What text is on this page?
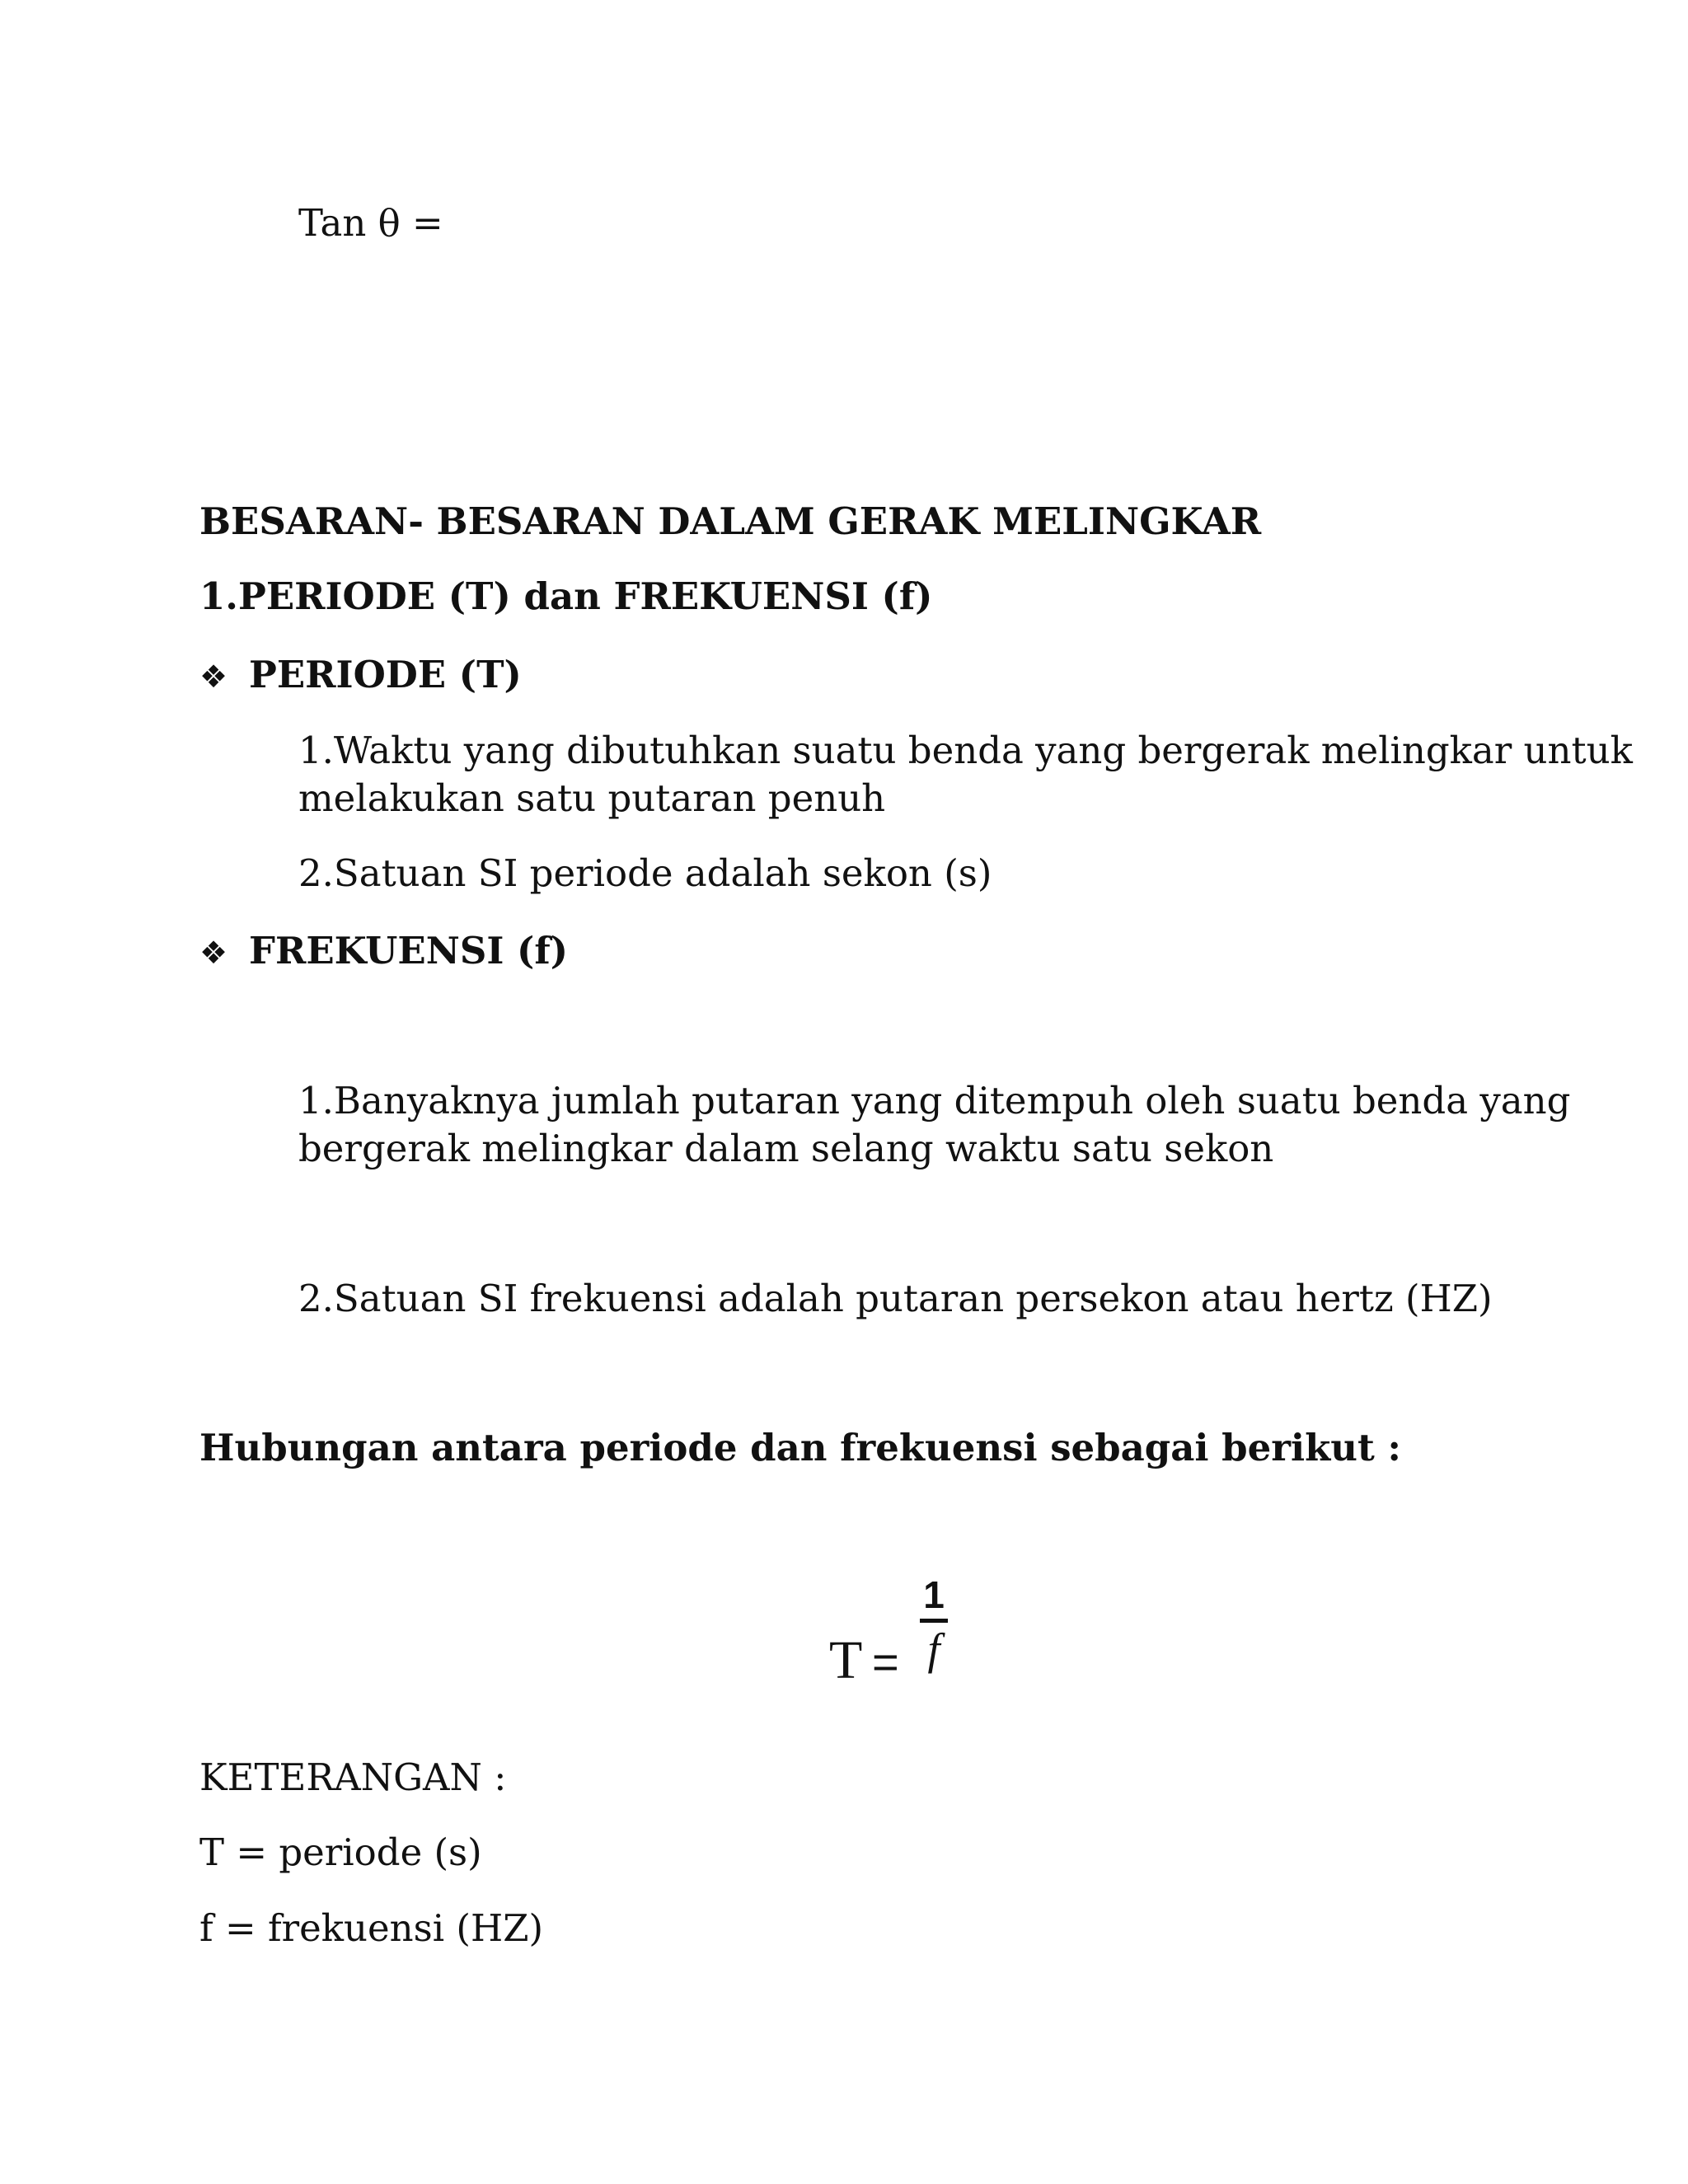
Tan θ =
BESARAN- BESARAN DALAM GERAK MELINGKAR
1.PERIODE (T) dan FREKUENSI (f)
❖ PERIODE (T)
1.Waktu yang dibutuhkan suatu benda yang bergerak melingkar untuk
melakukan satu putaran penuh
2.Satuan SI periode adalah sekon (s)
❖ FREKUENSI (f)
1.Banyaknya jumlah putaran yang ditempuh oleh suatu benda yang
bergerak melingkar dalam selang waktu satu sekon
2.Satuan SI frekuensi adalah putaran persekon atau hertz (HZ)
Hubungan antara periode dan frekuensi sebagai berikut :
T =
1
f
KETERANGAN :
T = periode (s)
f = frekuensi (HZ)
